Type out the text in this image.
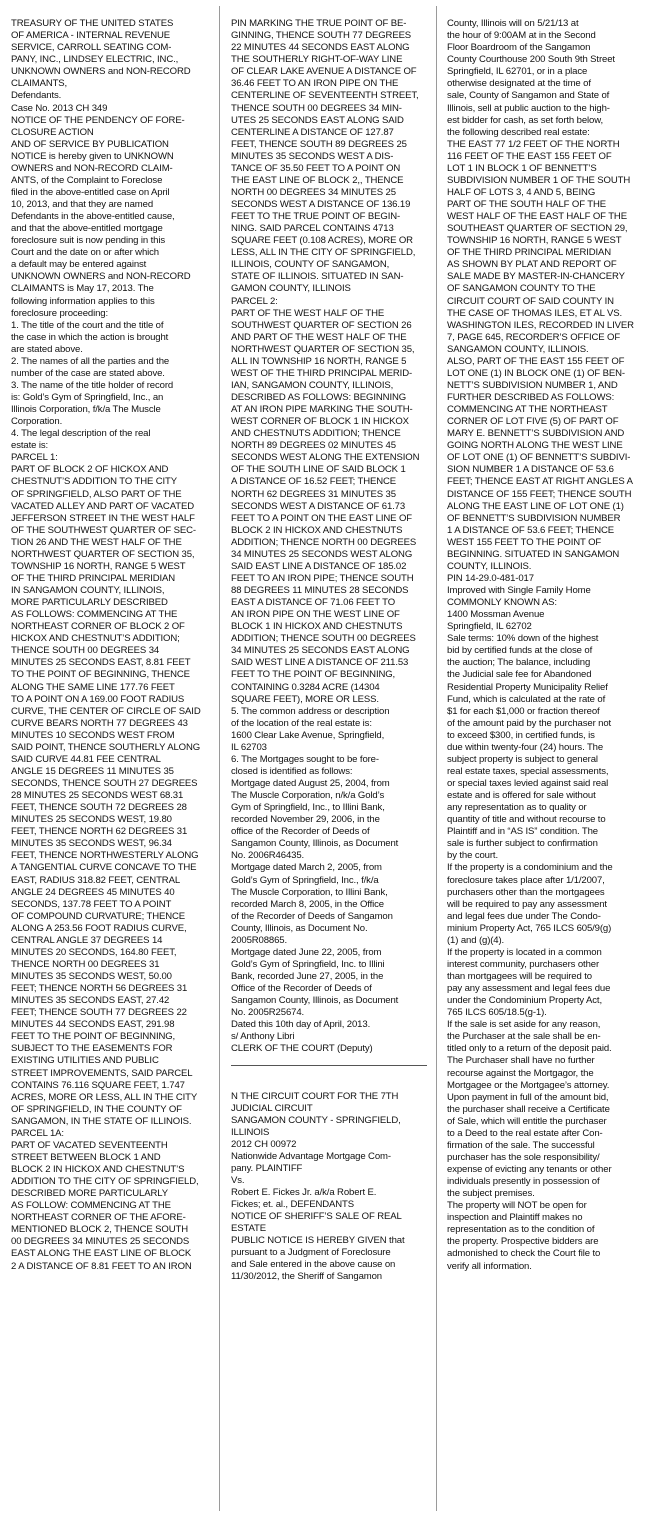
TREASURY OF THE UNITED STATES
OF AMERICA - INTERNAL REVENUE
SERVICE, CARROLL SEATING COM-
PANY, INC., LINDSEY ELECTRIC, INC.,
UNKNOWN OWNERS and NON-RECORD
CLAIMANTS,
Defendants.
Case No. 2013 CH 349
NOTICE OF THE PENDENCY OF FORE-
CLOSURE ACTION
AND OF SERVICE BY PUBLICATION
NOTICE is hereby given to UNKNOWN
OWNERS and NON-RECORD CLAIM-
ANTS, of the Complaint to Foreclose
filed in the above-entitled case on April
10, 2013, and that they are named
Defendants in the above-entitled cause,
and that the above-entitled mortgage
foreclosure suit is now pending in this
Court and the date on or after which
a default may be entered against
UNKNOWN OWNERS and NON-RECORD
CLAIMANTS is May 17, 2013. The
following information applies to this
foreclosure proceeding:
1. The title of the court and the title of
the case in which the action is brought
are stated above.
2. The names of all the parties and the
number of the case are stated above.
3. The name of the title holder of record
is: Gold’s Gym of Springfield, Inc., an
Illinois Corporation, f/k/a The Muscle
Corporation.
4. The legal description of the real
estate is:
PARCEL 1:
PART OF BLOCK 2 OF HICKOX AND
CHESTNUT’S ADDITION TO THE CITY
OF SPRINGFIELD, ALSO PART OF THE
VACATED ALLEY AND PART OF VACATED
JEFFERSON STREET IN THE WEST HALF
OF THE SOUTHWEST QUARTER OF SEC-
TION 26 AND THE WEST HALF OF THE
NORTHWEST QUARTER OF SECTION 35,
TOWNSHIP 16 NORTH, RANGE 5 WEST
OF THE THIRD PRINCIPAL MERIDIAN
IN SANGAMON COUNTY, ILLINOIS,
MORE PARTICULARLY DESCRIBED
AS FOLLOWS: COMMENCING AT THE
NORTHEAST CORNER OF BLOCK 2 OF
HICKOX AND CHESTNUT’S ADDITION;
THENCE SOUTH 00 DEGREES 34
MINUTES 25 SECONDS EAST, 8.81 FEET
TO THE POINT OF BEGINNING, THENCE
ALONG THE SAME LINE 177.76 FEET
TO A POINT ON A 169.00 FOOT RADIUS
CURVE, THE CENTER OF CIRCLE OF SAID
CURVE BEARS NORTH 77 DEGREES 43
MINUTES 10 SECONDS WEST FROM
SAID POINT, THENCE SOUTHERLY ALONG
SAID CURVE 44.81 FEE CENTRAL
ANGLE 15 DEGREES 11 MINUTES 35
SECONDS, THENCE SOUTH 27 DEGREES
28 MINUTES 25 SECONDS WEST 68.31
FEET, THENCE SOUTH 72 DEGREES 28
MINUTES 25 SECONDS WEST, 19.80
FEET, THENCE NORTH 62 DEGREES 31
MINUTES 35 SECONDS WEST, 96.34
FEET, THENCE NORTHWESTERLY ALONG
A TANGENTIAL CURVE CONCAVE TO THE
EAST, RADIUS 318.82 FEET, CENTRAL
ANGLE 24 DEGREES 45 MINUTES 40
SECONDS, 137.78 FEET TO A POINT
OF COMPOUND CURVATURE; THENCE
ALONG A 253.56 FOOT RADIUS CURVE,
CENTRAL ANGLE 37 DEGREES 14
MINUTES 20 SECONDS, 164.80 FEET,
THENCE NORTH 00 DEGREES 31
MINUTES 35 SECONDS WEST, 50.00
FEET; THENCE NORTH 56 DEGREES 31
MINUTES 35 SECONDS EAST, 27.42
FEET; THENCE SOUTH 77 DEGREES 22
MINUTES 44 SECONDS EAST, 291.98
FEET TO THE POINT OF BEGINNING,
SUBJECT TO THE EASEMENTS FOR
EXISTING UTILITIES AND PUBLIC
STREET IMPROVEMENTS, SAID PARCEL
CONTAINS 76.116 SQUARE FEET, 1.747
ACRES, MORE OR LESS, ALL IN THE CITY
OF SPRINGFIELD, IN THE COUNTY OF
SANGAMON, IN THE STATE OF ILLINOIS.
PARCEL 1A:
PART OF VACATED SEVENTEENTH
STREET BETWEEN BLOCK 1 AND
BLOCK 2 IN HICKOX AND CHESTNUT’S
ADDITION TO THE CITY OF SPRINGFIELD,
DESCRIBED MORE PARTICULARLY
AS FOLLOW: COMMENCING AT THE
NORTHEAST CORNER OF THE AFORE-
MENTIONED BLOCK 2, THENCE SOUTH
00 DEGREES 34 MINUTES 25 SECONDS
EAST ALONG THE EAST LINE OF BLOCK
2 A DISTANCE OF 8.81 FEET TO AN IRON

PIN MARKING THE TRUE POINT OF BE-
GINNING, THENCE SOUTH 77 DEGREES
22 MINUTES 44 SECONDS EAST ALONG
THE SOUTHERLY RIGHT-OF-WAY LINE
OF CLEAR LAKE AVENUE A DISTANCE OF
36.46 FEET TO AN IRON PIPE ON THE
CENTERLINE OF SEVENTEENTH STREET,
THENCE SOUTH 00 DEGREES 34 MIN-
UTES 25 SECONDS EAST ALONG SAID
CENTERLINE A DISTANCE OF 127.87
FEET, THENCE SOUTH 89 DEGREES 25
MINUTES 35 SECONDS WEST A DIS-
TANCE OF 35.50 FEET TO A POINT ON
THE EAST LINE OF BLOCK 2,, THENCE
NORTH 00 DEGREES 34 MINUTES 25
SECONDS WEST A DISTANCE OF 136.19
FEET TO THE TRUE POINT OF BEGIN-
NING. SAID PARCEL CONTAINS 4713
SQUARE FEET (0.108 ACRES), MORE OR
LESS, ALL IN THE CITY OF SPRINGFIELD,
ILLINOIS, COUNTY OF SANGAMON,
STATE OF ILLINOIS. SITUATED IN SAN-
GAMON COUNTY, ILLINOIS
PARCEL 2:
PART OF THE WEST HALF OF THE
SOUTHWEST QUARTER OF SECTION 26
AND PART OF THE WEST HALF OF THE
NORTHWEST QUARTER OF SECTION 35,
ALL IN TOWNSHIP 16 NORTH, RANGE 5
WEST OF THE THIRD PRINCIPAL MERID-
IAN, SANGAMON COUNTY, ILLINOIS,
DESCRIBED AS FOLLOWS: BEGINNING
AT AN IRON PIPE MARKING THE SOUTH-
WEST CORNER OF BLOCK 1 IN HICKOX
AND CHESTNUTS ADDITION; THENCE
NORTH 89 DEGREES 02 MINUTES 45
SECONDS WEST ALONG THE EXTENSION
OF THE SOUTH LINE OF SAID BLOCK 1
A DISTANCE OF 16.52 FEET; THENCE
NORTH 62 DEGREES 31 MINUTES 35
SECONDS WEST A DISTANCE OF 61.73
FEET TO A POINT ON THE EAST LINE OF
BLOCK 2 IN HICKOX AND CHESTNUTS
ADDITION; THENCE NORTH 00 DEGREES
34 MINUTES 25 SECONDS WEST ALONG
SAID EAST LINE A DISTANCE OF 185.02
FEET TO AN IRON PIPE; THENCE SOUTH
88 DEGREES 11 MINUTES 28 SECONDS
EAST A DISTANCE OF 71.06 FEET TO
AN IRON PIPE ON THE WEST LINE OF
BLOCK 1 IN HICKOX AND CHESTNUTS
ADDITION; THENCE SOUTH 00 DEGREES
34 MINUTES 25 SECONDS EAST ALONG
SAID WEST LINE A DISTANCE OF 211.53
FEET TO THE POINT OF BEGINNING,
CONTAINING 0.3284 ACRE (14304
SQUARE FEET), MORE OR LESS.
5. The common address or description
of the location of the real estate is:
1600 Clear Lake Avenue, Springfield,
IL 62703
6. The Mortgages sought to be fore-
closed is identified as follows:
Mortgage dated August 25, 2004, from
The Muscle Corporation, n/k/a Gold’s
Gym of Springfield, Inc., to Illini Bank,
recorded November 29, 2006, in the
office of the Recorder of Deeds of
Sangamon County, Illinois, as Document
No. 2006R46435.
Mortgage dated March 2, 2005, from
Gold’s Gym of Springfield, Inc., f/k/a
The Muscle Corporation, to Illini Bank,
recorded March 8, 2005, in the Office
of the Recorder of Deeds of Sangamon
County, Illinois, as Document No.
2005R08865.
Mortgage dated June 22, 2005, from
Gold’s Gym of Springfield, Inc. to Illini
Bank, recorded June 27, 2005, in the
Office of the Recorder of Deeds of
Sangamon County, Illinois, as Document
No. 2005R25674.
Dated this 10th day of April, 2013.
s/ Anthony Libri
CLERK OF THE COURT (Deputy)

N THE CIRCUIT COURT FOR THE 7TH
JUDICIAL CIRCUIT
SANGAMON COUNTY - SPRINGFIELD,
ILLINOIS
2012 CH 00972
Nationwide Advantage Mortgage Com-
pany. PLAINTIFF
Vs.
Robert E. Fickes Jr. a/k/a Robert E.
Fickes; et. al., DEFENDANTS
NOTICE OF SHERIFF’S SALE OF REAL
ESTATE
PUBLIC NOTICE IS HEREBY GIVEN that
pursuant to a Judgment of Foreclosure
and Sale entered in the above cause on
11/30/2012, the Sheriff of Sangamon

County, Illinois will on 5/21/13 at
the hour of 9:00AM at in the Second
Floor Boardroom of the Sangamon
County Courthouse 200 South 9th Street
Springfield, IL 62701, or in a place
otherwise designated at the time of
sale, County of Sangamon and State of
Illinois, sell at public auction to the high-
est bidder for cash, as set forth below,
the following described real estate:
THE EAST 77 1/2 FEET OF THE NORTH
116 FEET OF THE EAST 155 FEET OF
LOT 1 IN BLOCK 1 OF BENNETT’S
SUBDIVISION NUMBER 1 OF THE SOUTH
HALF OF LOTS 3, 4 AND 5, BEING
PART OF THE SOUTH HALF OF THE
WEST HALF OF THE EAST HALF OF THE
SOUTHEAST QUARTER OF SECTION 29,
TOWNSHIP 16 NORTH, RANGE 5 WEST
OF THE THIRD PRINCIPAL MERIDIAN
AS SHOWN BY PLAT AND REPORT OF
SALE MADE BY MASTER-IN-CHANCERY
OF SANGAMON COUNTY TO THE
CIRCUIT COURT OF SAID COUNTY IN
THE CASE OF THOMAS ILES, ET AL VS.
WASHINGTON ILES, RECORDED IN LIVER
7, PAGE 645, RECORDER’S OFFICE OF
SANGAMON COUNTY, ILLINOIS.
ALSO, PART OF THE EAST 155 FEET OF
LOT ONE (1) IN BLOCK ONE (1) OF BEN-
NETT’S SUBDIVISION NUMBER 1, AND
FURTHER DESCRIBED AS FOLLOWS:
COMMENCING AT THE NORTHEAST
CORNER OF LOT FIVE (5) OF PART OF
MARY E. BENNETT’S SUBDIVISION AND
GOING NORTH ALONG THE WEST LINE
OF LOT ONE (1) OF BENNETT’S SUBDIVI-
SION NUMBER 1 A DISTANCE OF 53.6
FEET; THENCE EAST AT RIGHT ANGLES A
DISTANCE OF 155 FEET; THENCE SOUTH
ALONG THE EAST LINE OF LOT ONE (1)
OF BENNETT’S SUBDIVISION NUMBER
1 A DISTANCE OF 53.6 FEET; THENCE
WEST 155 FEET TO THE POINT OF
BEGINNING. SITUATED IN SANGAMON
COUNTY, ILLINOIS.
PIN 14-29.0-481-017
Improved with Single Family Home
COMMONLY KNOWN AS:
1400 Mossman Avenue
Springfield, IL 62702
Sale terms: 10% down of the highest
bid by certified funds at the close of
the auction; The balance, including
the Judicial sale fee for Abandoned
Residential Property Municipality Relief
Fund, which is calculated at the rate of
$1 for each $1,000 or fraction thereof
of the amount paid by the purchaser not
to exceed $300, in certified funds, is
due within twenty-four (24) hours. The
subject property is subject to general
real estate taxes, special assessments,
or special taxes levied against said real
estate and is offered for sale without
any representation as to quality or
quantity of title and without recourse to
Plaintiff and in “AS IS” condition. The
sale is further subject to confirmation
by the court.
If the property is a condominium and the
foreclosure takes place after 1/1/2007,
purchasers other than the mortgagees
will be required to pay any assessment
and legal fees due under The Condo-
minium Property Act, 765 ILCS 605/9(g)
(1) and (g)(4).
If the property is located in a common
interest community, purchasers other
than mortgagees will be required to
pay any assessment and legal fees due
under the Condominium Property Act,
765 ILCS 605/18.5(g-1).
If the sale is set aside for any reason,
the Purchaser at the sale shall be en-
titled only to a return of the deposit paid.
The Purchaser shall have no further
recourse against the Mortgagor, the
Mortgagee or the Mortgagee’s attorney.
Upon payment in full of the amount bid,
the purchaser shall receive a Certificate
of Sale, which will entitle the purchaser
to a Deed to the real estate after Con-
firmation of the sale. The successful
purchaser has the sole responsibility/
expense of evicting any tenants or other
individuals presently in possession of
the subject premises.
The property will NOT be open for
inspection and Plaintiff makes no
representation as to the condition of
the property. Prospective bidders are
admonished to check the Court file to
verify all information.
